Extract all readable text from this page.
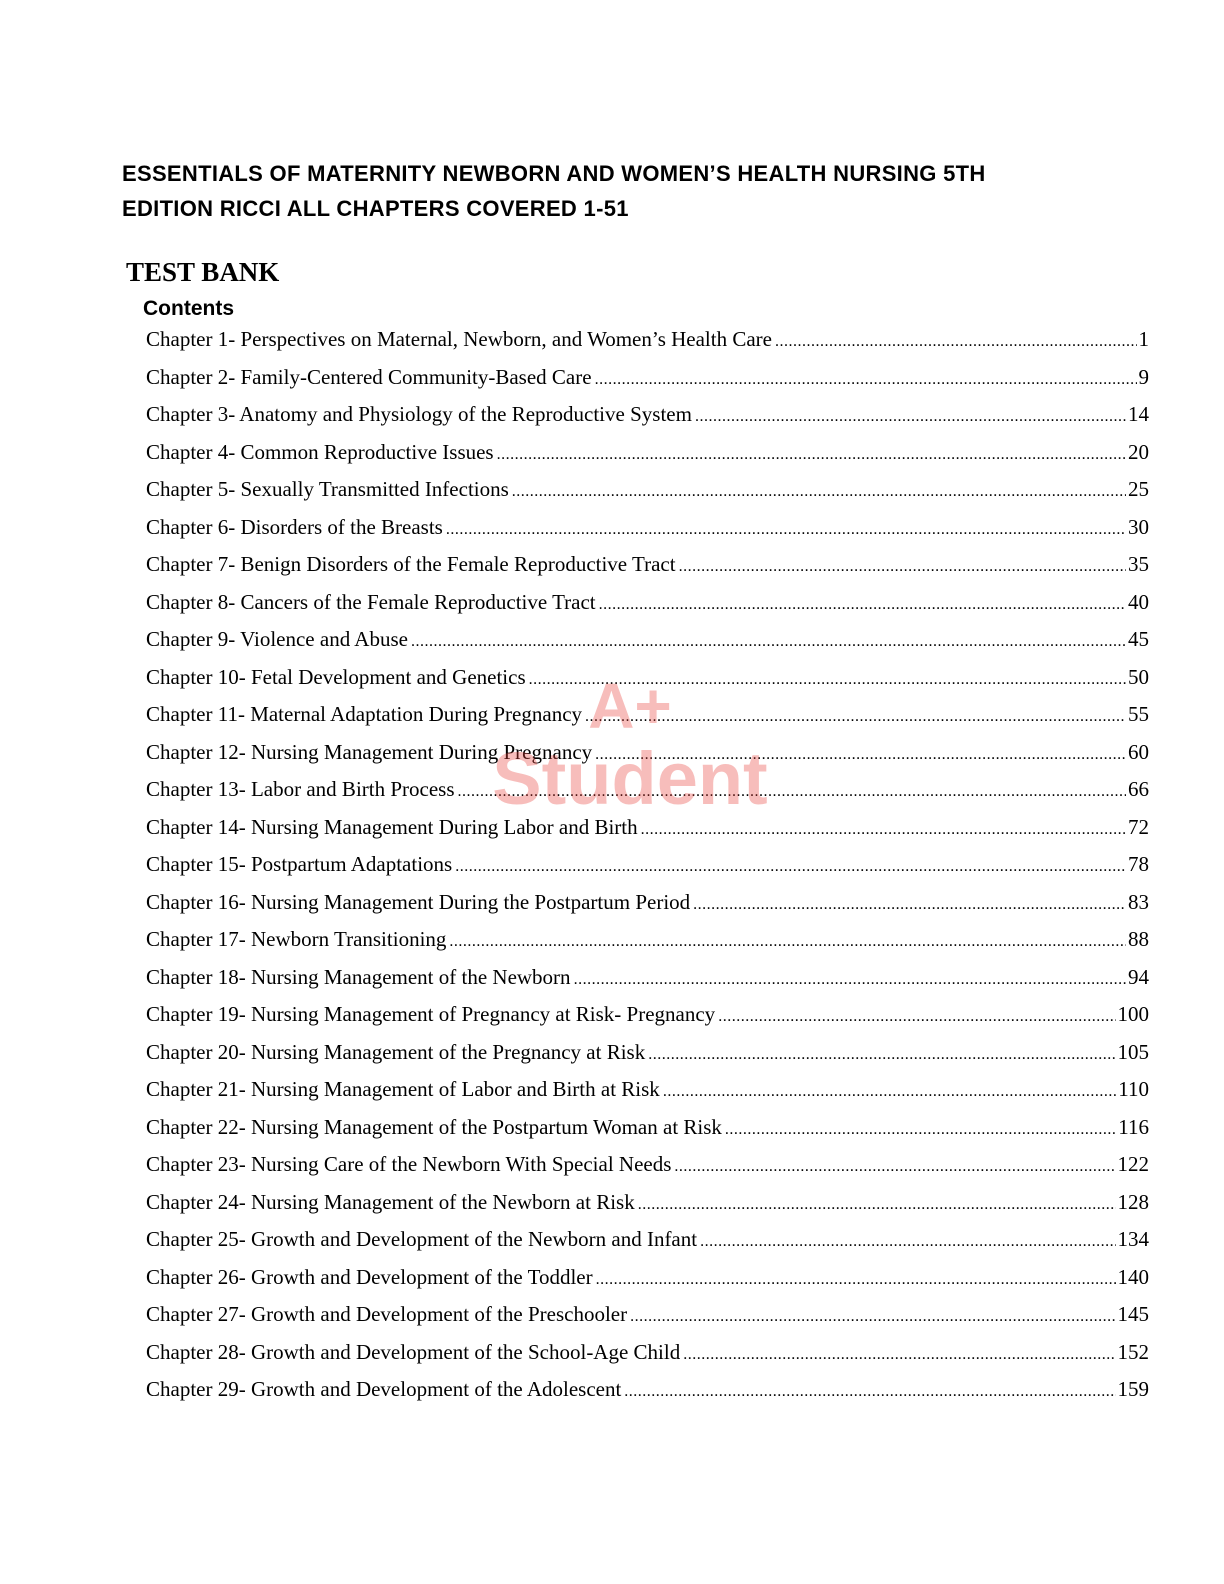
ESSENTIALS OF MATERNITY NEWBORN AND WOMEN’S HEALTH NURSING 5TH
EDITION RICCI ALL CHAPTERS COVERED 1-51
TEST BANK
Contents
Chapter 1- Perspectives on Maternal, Newborn, and Women’s Health Care .....	1
Chapter 2- Family-Centered Community-Based Care .....	9
Chapter 3- Anatomy and Physiology of the Reproductive System .....	14
Chapter 4- Common Reproductive Issues .....	20
Chapter 5- Sexually Transmitted Infections .....	25
Chapter 6- Disorders of the Breasts .....	30
Chapter 7- Benign Disorders of the Female Reproductive Tract .....	35
Chapter 8- Cancers of the Female Reproductive Tract .....	40
Chapter 9- Violence and Abuse .....	45
Chapter 10- Fetal Development and Genetics .....	50
Chapter 11- Maternal Adaptation During Pregnancy .....	55
Chapter 12- Nursing Management During Pregnancy .....	60
Chapter 13- Labor and Birth Process .....	66
Chapter 14- Nursing Management During Labor and Birth .....	72
Chapter 15- Postpartum Adaptations .....	78
Chapter 16- Nursing Management During the Postpartum Period .....	83
Chapter 17- Newborn Transitioning .....	88
Chapter 18- Nursing Management of the Newborn .....	94
Chapter 19- Nursing Management of Pregnancy at Risk- Pregnancy .....	100
Chapter 20- Nursing Management of the Pregnancy at Risk .....	105
Chapter 21- Nursing Management of Labor and Birth at Risk .....	110
Chapter 22- Nursing Management of the Postpartum Woman at Risk .....	116
Chapter 23- Nursing Care of the Newborn With Special Needs .....	122
Chapter 24- Nursing Management of the Newborn at Risk .....	128
Chapter 25- Growth and Development of the Newborn and Infant .....	134
Chapter 26- Growth and Development of the Toddler .....	140
Chapter 27- Growth and Development of the Preschooler .....	145
Chapter 28- Growth and Development of the School-Age Child .....	152
Chapter 29- Growth and Development of the Adolescent .....	159
A+
Student
